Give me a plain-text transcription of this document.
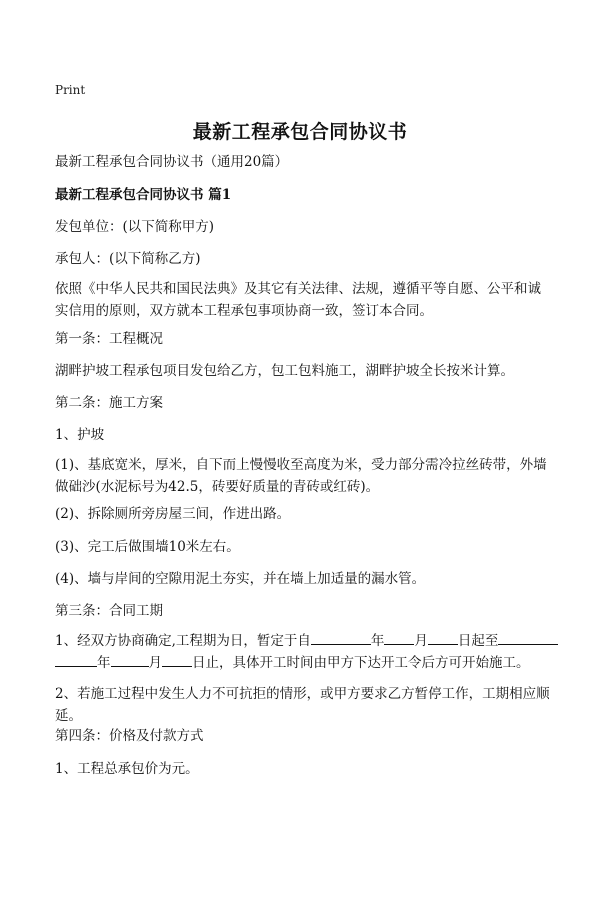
Print
最新工程承包合同协议书
最新工程承包合同协议书（通用20篇）
最新工程承包合同协议书 篇1
发包单位：(以下简称甲方)
承包人：(以下简称乙方)
依照《中华人民共和国民法典》及其它有关法律、法规，遵循平等自愿、公平和诚实信用的原则，双方就本工程承包事项协商一致，签订本合同。
第一条：工程概况
湖畔护坡工程承包项目发包给乙方，包工包料施工，湖畔护坡全长按米计算。
第二条：施工方案
1、护坡
(1)、基底宽米，厚米，自下而上慢慢收至高度为米，受力部分需冷拉丝砖带，外墙做础沙(水泥标号为42.5，砖要好质量的青砖或红砖)。
(2)、拆除厕所旁房屋三间，作进出路。
(3)、完工后做围墙10米左右。
(4)、墙与岸间的空隙用泥土夯实，并在墙上加适量的漏水管。
第三条：合同工期
1、经双方协商确定,工程期为日，暂定于自	年 月 日起至
年	月 日止，具体开工时间由甲方下达开工令后方可开始施工。
2、若施工过程中发生人力不可抗拒的情形，或甲方要求乙方暂停工作，工期相应顺延。
第四条：价格及付款方式
1、工程总承包价为元。
